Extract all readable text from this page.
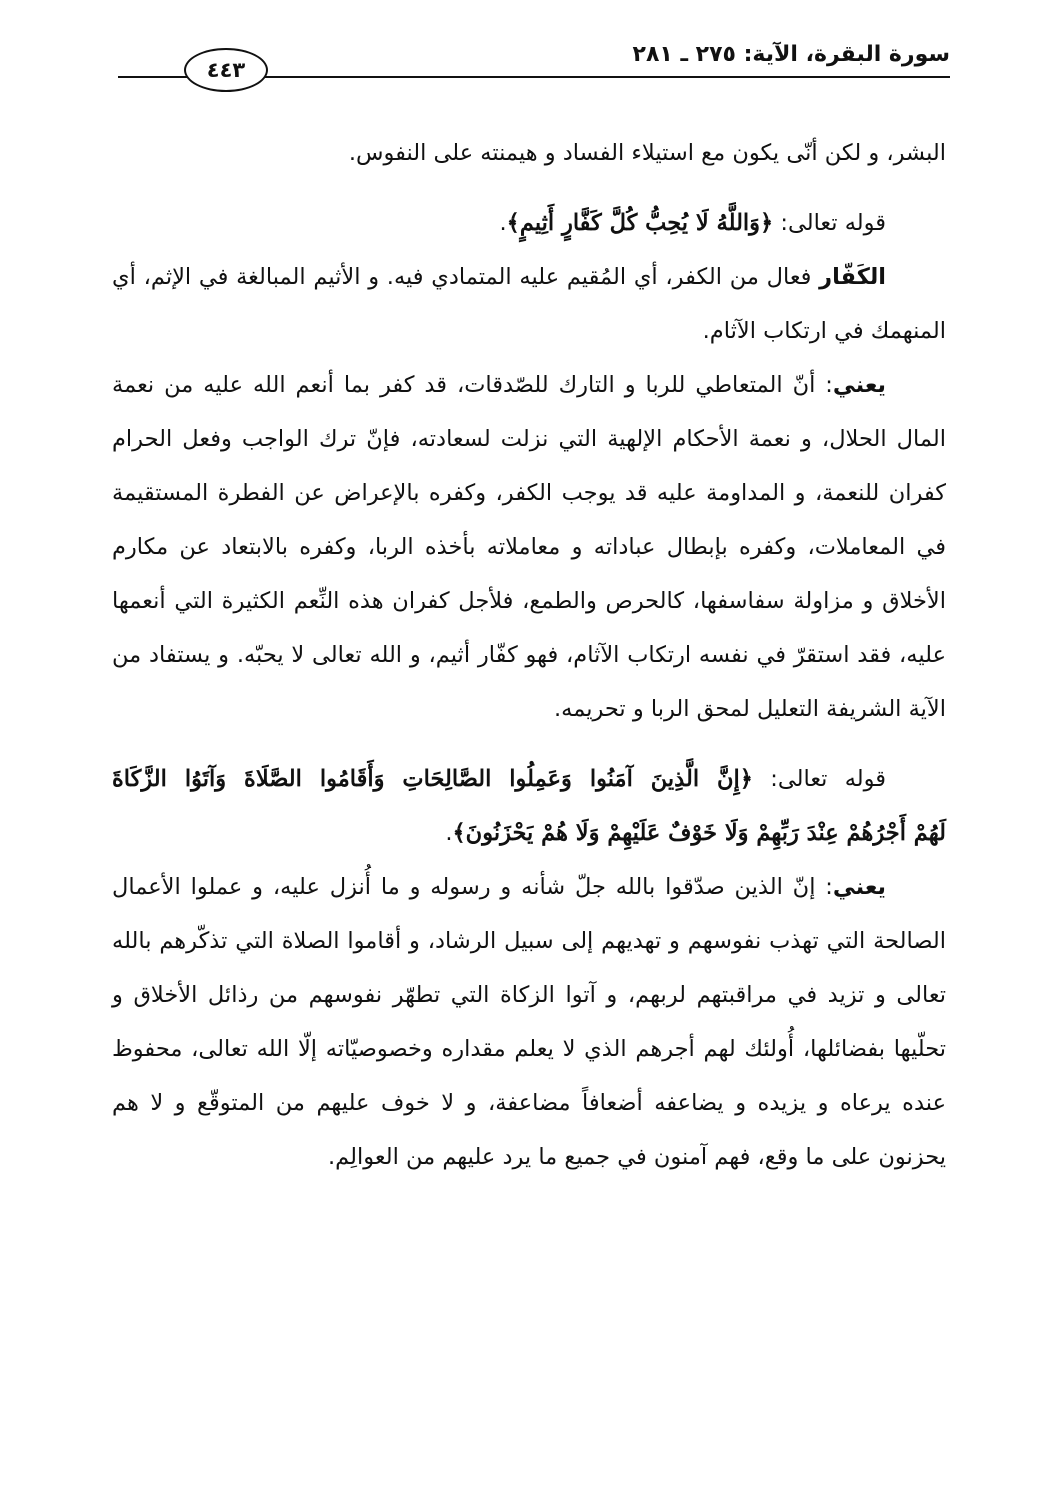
سورة البقرة، الآية: ٢٧٥ ـ ٢٨١
٤٤٣

البشر، و لكن أنّى يكون مع استيلاء الفساد و هيمنته على النفوس.

قوله تعالى: ﴿وَاللَّهُ لَا يُحِبُّ كُلَّ كَفَّارٍ أَثِيمٍ﴾.

الكَفّار فعال من الكفر، أي المُقيم عليه المتمادي فيه. و الأثيم المبالغة في الإثم، أي المنهمك في ارتكاب الآثام.

يعني: أنّ المتعاطي للربا و التارك للصّدقات، قد كفر بما أنعم الله عليه من نعمة المال الحلال، و نعمة الأحكام الإلهية التي نزلت لسعادته، فإنّ ترك الواجب وفعل الحرام كفران للنعمة، و المداومة عليه قد يوجب الكفر، وكفره بالإعراض عن الفطرة المستقيمة في المعاملات، وكفره بإبطال عباداته و معاملاته بأخذه الربا، وكفره بالابتعاد عن مكارم الأخلاق و مزاولة سفاسفها، كالحرص والطمع، فلأجل كفران هذه النِّعم الكثيرة التي أنعمها عليه، فقد استقرّ في نفسه ارتكاب الآثام، فهو كفّار أثيم، و الله تعالى لا يحبّه. و يستفاد من الآية الشريفة التعليل لمحق الربا و تحريمه.

قوله تعالى: ﴿إِنَّ الَّذِينَ آمَنُوا وَعَمِلُوا الصَّالِحَاتِ وَأَقَامُوا الصَّلَاةَ وَآتَوُا الزَّكَاةَ

لَهُمْ أَجْرُهُمْ عِنْدَ رَبِّهِمْ وَلَا خَوْفٌ عَلَيْهِمْ وَلَا هُمْ يَحْزَنُونَ﴾.

يعني: إنّ الذين صدّقوا بالله جلّ شأنه و رسوله و ما أُنزل عليه، و عملوا الأعمال الصالحة التي تهذب نفوسهم و تهديهم إلى سبيل الرشاد، و أقاموا الصلاة التي تذكّرهم بالله تعالى و تزيد في مراقبتهم لربهم، و آتوا الزكاة التي تطهّر نفوسهم من رذائل الأخلاق و تحلّيها بفضائلها، أُولئك لهم أجرهم الذي لا يعلم مقداره وخصوصيّاته إلّا الله تعالى، محفوظ عنده يرعاه و يزيده و يضاعفه أضعافاً مضاعفة، و لا خوف عليهم من المتوقّع و لا هم يحزنون على ما وقع، فهم آمنون في جميع ما يرد عليهم من العوالِم.
